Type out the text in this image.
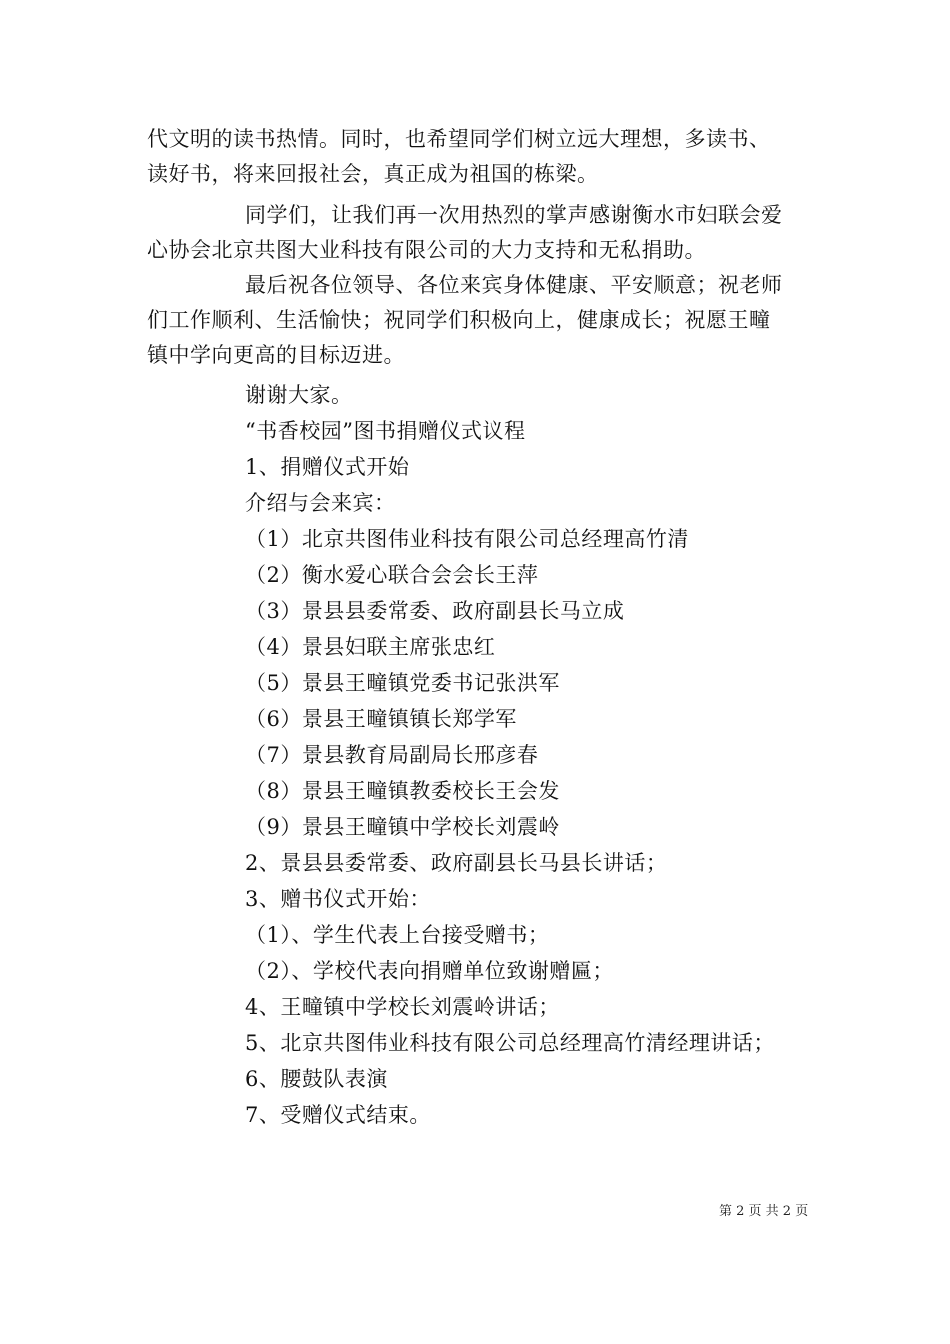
代文明的读书热情。同时，也希望同学们树立远大理想，多读书、
读好书，将来回报社会，真正成为祖国的栋梁。
同学们，让我们再一次用热烈的掌声感谢衡水市妇联会爱
心协会北京共图大业科技有限公司的大力支持和无私捐助。
最后祝各位领导、各位来宾身体健康、平安顺意；祝老师
们工作顺利、生活愉快；祝同学们积极向上，健康成长；祝愿王疃
镇中学向更高的目标迈进。
谢谢大家。
“书香校园”图书捐赠仪式议程
1、捐赠仪式开始
介绍与会来宾：
（1）北京共图伟业科技有限公司总经理高竹清
（2）衡水爱心联合会会长王萍
（3）景县县委常委、政府副县长马立成
（4）景县妇联主席张忠红
（5）景县王疃镇党委书记张洪军
（6）景县王疃镇镇长郑学军
（7）景县教育局副局长邢彦春
（8）景县王疃镇教委校长王会发
（9）景县王疃镇中学校长刘震岭
2、景县县委常委、政府副县长马县长讲话；
3、赠书仪式开始：
（1）、学生代表上台接受赠书；
（2）、学校代表向捐赠单位致谢赠匾；
4、王疃镇中学校长刘震岭讲话；
5、北京共图伟业科技有限公司总经理高竹清经理讲话；
6、腰鼓队表演
7、受赠仪式结束。
第 2 页 共 2 页
